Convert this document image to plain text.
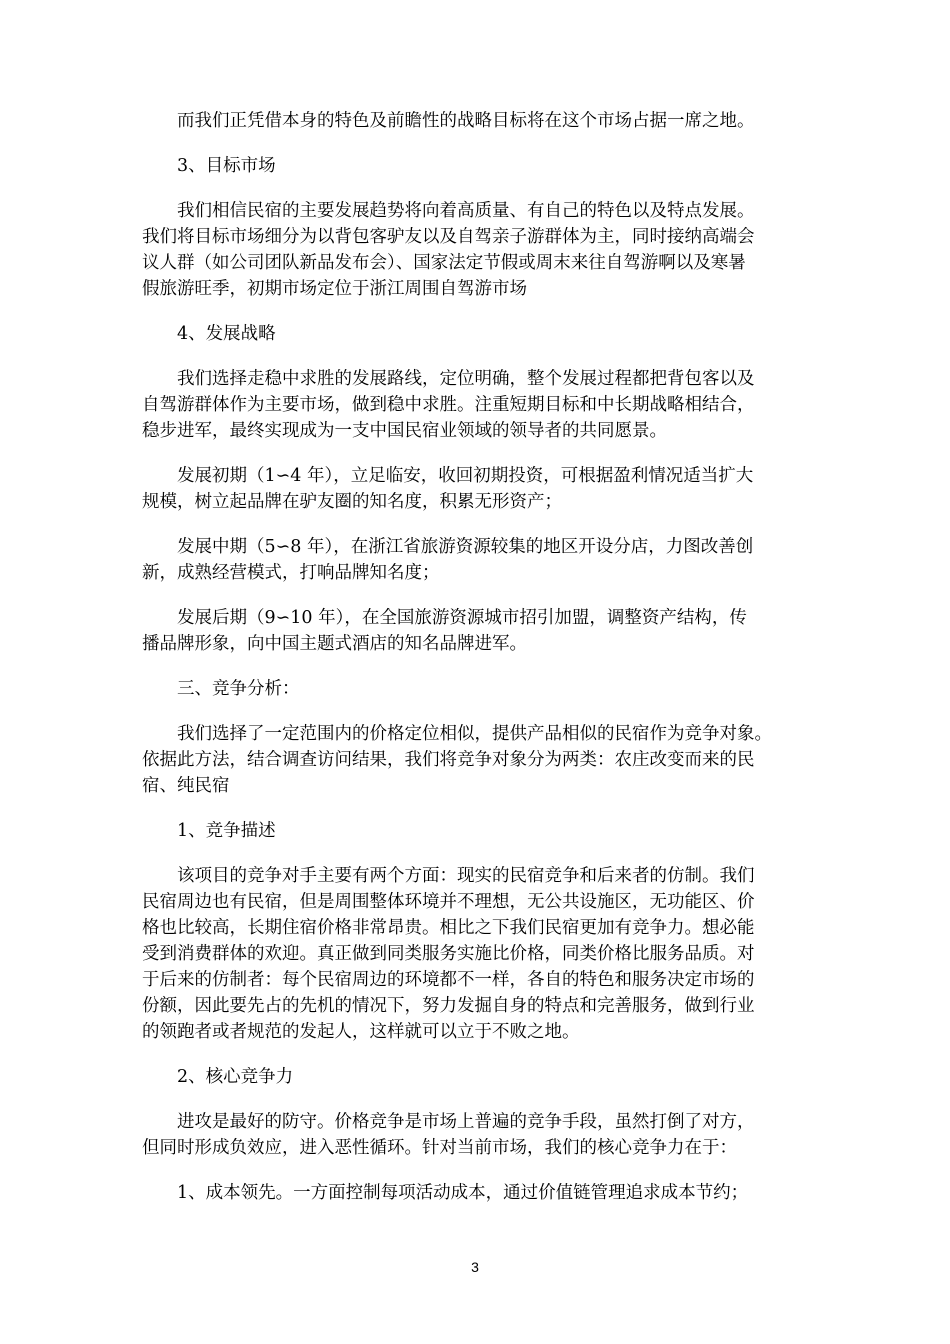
而我们正凭借本身的特色及前瞻性的战略目标将在这个市场占据一席之地。
3、目标市场
我们相信民宿的主要发展趋势将向着高质量、有自己的特色以及特点发展。
我们将目标市场细分为以背包客驴友以及自驾亲子游群体为主，同时接纳高端会
议人群（如公司团队新品发布会）、国家法定节假或周末来往自驾游啊以及寒暑
假旅游旺季，初期市场定位于浙江周围自驾游市场
4、发展战略
我们选择走稳中求胜的发展路线，定位明确，整个发展过程都把背包客以及
自驾游群体作为主要市场，做到稳中求胜。注重短期目标和中长期战略相结合，
稳步进军，最终实现成为一支中国民宿业领域的领导者的共同愿景。
发展初期（1∽4 年），立足临安，收回初期投资，可根据盈利情况适当扩大
规模，树立起品牌在驴友圈的知名度，积累无形资产；
发展中期（5∽8 年），在浙江省旅游资源较集的地区开设分店，力图改善创
新，成熟经营模式，打响品牌知名度；
发展后期（9∽10 年），在全国旅游资源城市招引加盟，调整资产结构，传
播品牌形象，向中国主题式酒店的知名品牌进军。
三、竞争分析：
我们选择了一定范围内的价格定位相似，提供产品相似的民宿作为竞争对象。
依据此方法，结合调查访问结果，我们将竞争对象分为两类：农庄改变而来的民
宿、纯民宿
1、竞争描述
该项目的竞争对手主要有两个方面：现实的民宿竞争和后来者的仿制。我们
民宿周边也有民宿，但是周围整体环境并不理想，无公共设施区，无功能区、价
格也比较高，长期住宿价格非常昂贵。相比之下我们民宿更加有竞争力。想必能
受到消费群体的欢迎。真正做到同类服务实施比价格，同类价格比服务品质。对
于后来的仿制者：每个民宿周边的环境都不一样，各自的特色和服务决定市场的
份额，因此要先占的先机的情况下，努力发掘自身的特点和完善服务，做到行业
的领跑者或者规范的发起人，这样就可以立于不败之地。
2、核心竞争力
进攻是最好的防守。价格竞争是市场上普遍的竞争手段，虽然打倒了对方，
但同时形成负效应，进入恶性循环。针对当前市场，我们的核心竞争力在于：
1、成本领先。一方面控制每项活动成本，通过价值链管理追求成本节约；
3
